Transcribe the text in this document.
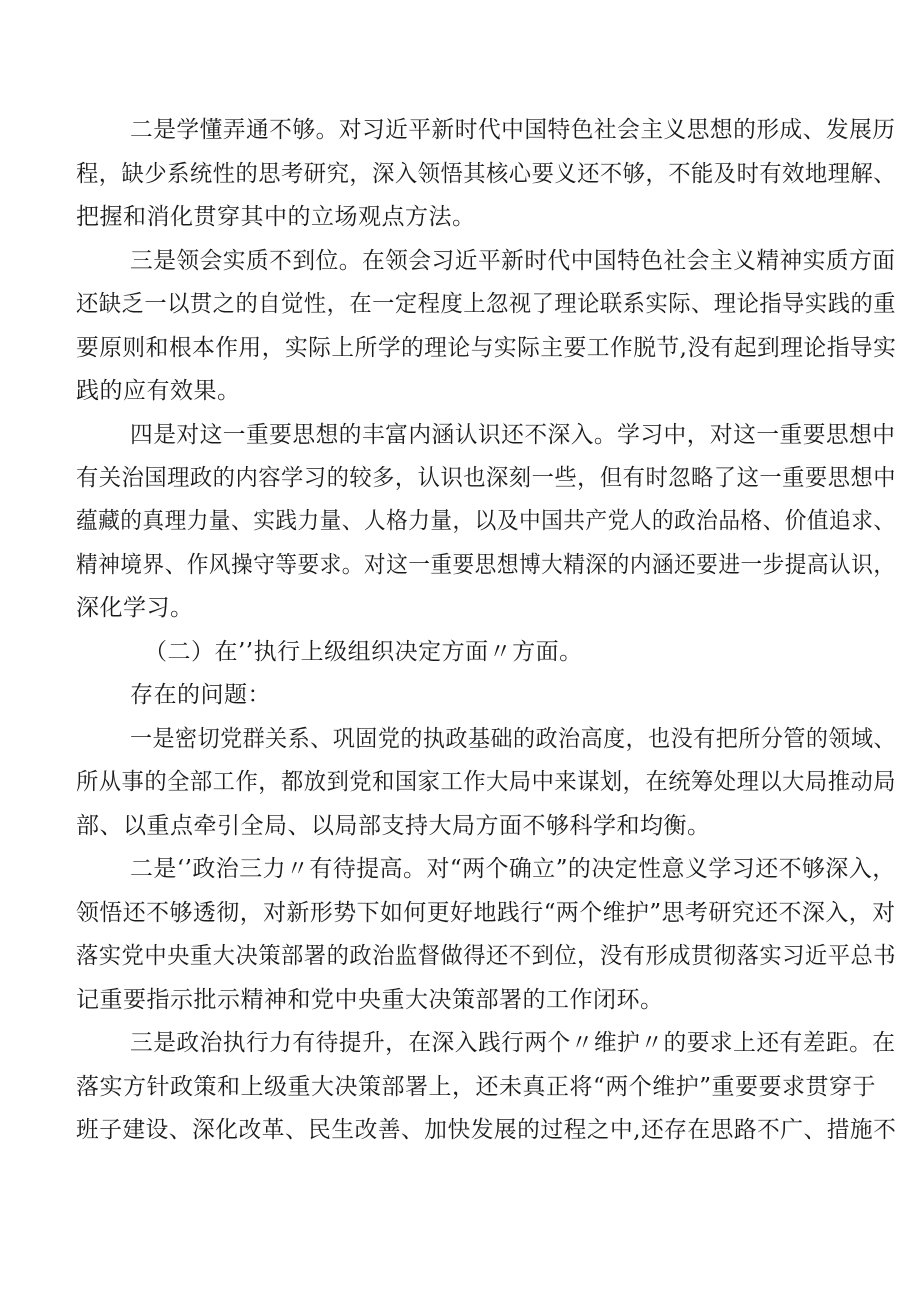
二是学懂弄通不够。对习近平新时代中国特色社会主义思想的形成、发展历
程，缺少系统性的思考研究，深入领悟其核心要义还不够，不能及时有效地理解、
把握和消化贯穿其中的立场观点方法。
三是领会实质不到位。在领会习近平新时代中国特色社会主义精神实质方面
还缺乏一以贯之的自觉性，在一定程度上忽视了理论联系实际、理论指导实践的重
要原则和根本作用，实际上所学的理论与实际主要工作脱节,没有起到理论指导实
践的应有效果。
四是对这一重要思想的丰富内涵认识还不深入。学习中，对这一重要思想中
有关治国理政的内容学习的较多，认识也深刻一些，但有时忽略了这一重要思想中
蕴藏的真理力量、实践力量、人格力量，以及中国共产党人的政治品格、价值追求、
精神境界、作风操守等要求。对这一重要思想博大精深的内涵还要进一步提高认识，
深化学习。
（二）在’’执行上级组织决定方面〃方面。
存在的问题：
一是密切党群关系、巩固党的执政基础的政治高度，也没有把所分管的领域、
所从事的全部工作，都放到党和国家工作大局中来谋划，在统筹处理以大局推动局
部、以重点牵引全局、以局部支持大局方面不够科学和均衡。
二是‘’政治三力〃有待提高。对“两个确立”的决定性意义学习还不够深入，
领悟还不够透彻，对新形势下如何更好地践行“两个维护”思考研究还不深入，对
落实党中央重大决策部署的政治监督做得还不到位，没有形成贯彻落实习近平总书
记重要指示批示精神和党中央重大决策部署的工作闭环。
三是政治执行力有待提升，在深入践行两个〃维护〃的要求上还有差距。在
落实方针政策和上级重大决策部署上，还未真正将“两个维护”重要要求贯穿于
班子建设、深化改革、民生改善、加快发展的过程之中,还存在思路不广、措施不
